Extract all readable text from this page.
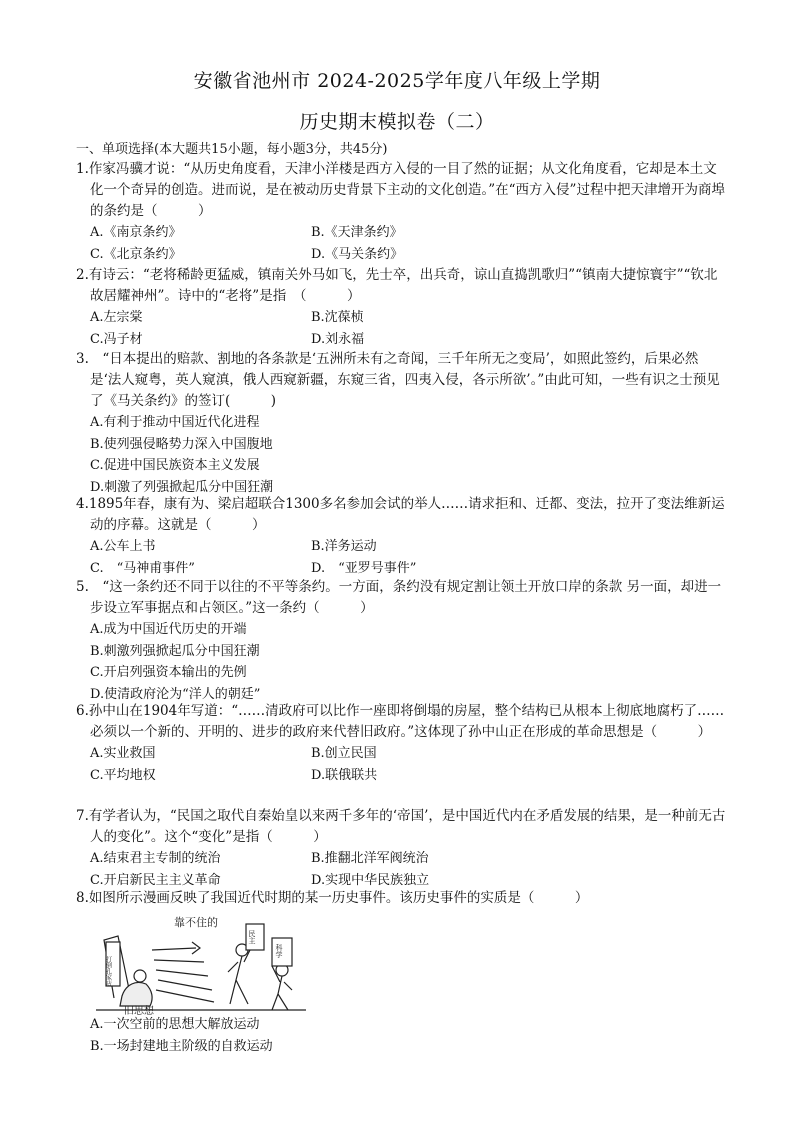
安徽省池州市 2024-2025学年度八年级上学期
历史期末模拟卷（二）
一、单项选择(本大题共15小题，每小题3分，共45分)
1.作家冯骥才说：“从历史角度看，天津小洋楼是西方入侵的一目了然的证据；从文化角度看，它却是本土文化一个奇异的创造。进而说，是在被动历史背景下主动的文化创造。”在“西方入侵”过程中把天津增开为商埠的条约是（　　　）
A.《南京条约》	B.《天津条约》
C.《北京条约》	D.《马关条约》
2.有诗云：“老将稀龄更猛威，镇南关外马如飞，先士卒，出兵奇，谅山直捣凯歌归”“镇南大捷惊寰宇”“钦北故居耀神州”。诗中的“老将”是指　（　　　）
A.左宗棠	B.沈葆桢
C.冯子材	D.刘永福
3.　“日本提出的赔款、割地的各条款是‘五洲所未有之奇闻，三千年所无之变局’，如照此签约，后果必然是‘法人窥粤，英人窥滇，俄人西窥新疆，东窥三省，四夷入侵，各示所欲’。”由此可知，一些有识之士预见了《马关条约》的签订(　　　)
A.有利于推动中国近代化进程
B.使列强侵略势力深入中国腹地
C.促进中国民族资本主义发展
D.刺激了列强掀起瓜分中国狂潮
4.1895年春，康有为、梁启超联合1300多名参加会试的举人……请求拒和、迁都、变法，拉开了变法维新运动的序幕。这就是（　　　）
A.公车上书	B.洋务运动
C.　“马神甫事件”	D.　“亚罗号事件”
5.　“这一条约还不同于以往的不平等条约。一方面，条约没有规定割让领土开放口岸的条款 另一面，却进一步设立军事据点和占领区。”这一条约（　　　）
A.成为中国近代历史的开端
B.刺激列强掀起瓜分中国狂潮
C.开启列强资本输出的先例
D.使清政府沦为“洋人的朝廷”
6.孙中山在1904年写道：“……清政府可以比作一座即将倒塌的房屋，整个结构已从根本上彻底地腐朽了……必须以一个新的、开明的、进步的政府来代替旧政府。”这体现了孙中山正在形成的革命思想是（　　　）
A.实业救国	B.创立民国
C.平均地权	D.联俄联共
7.有学者认为，“民国之取代自秦始皇以来两千多年的‘帝国’，是中国近代内在矛盾发展的结果，是一种前无古人的变化”。这个“变化”是指（　　　）
A.结束君主专制的统治	B.推翻北洋军阀统治
C.开启新民主主义革命	D.实现中华民族独立
8.如图所示漫画反映了我国近代时期的某一历史事件。该历史事件的实质是（　　　）
靠不住的
旧思想
打倒孔家店
民主
科学
A.一次空前的思想大解放运动
B.一场封建地主阶级的自救运动
